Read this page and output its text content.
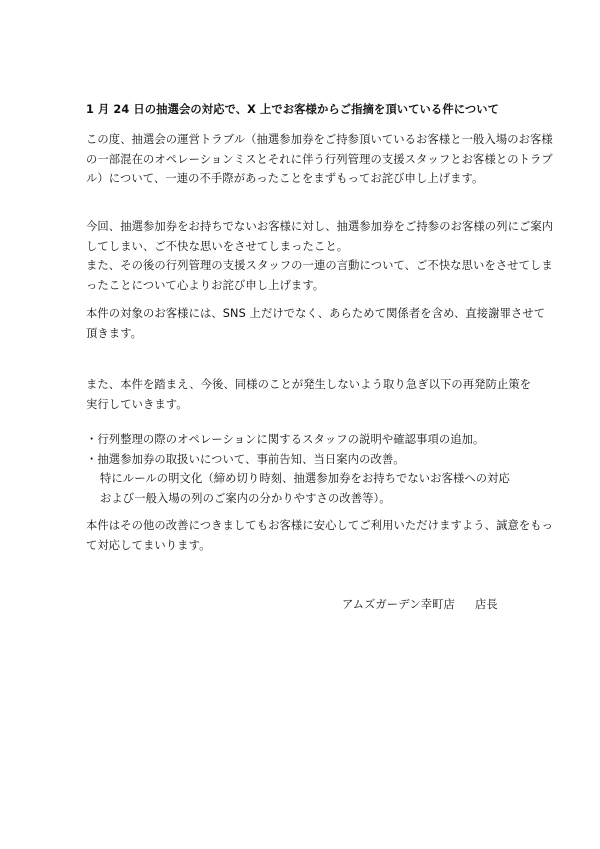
1 月 24 日の抽選会の対応で、X 上でお客様からご指摘を頂いている件について

この度、抽選会の運営トラブル（抽選参加券をご持参頂いているお客様と一般入場のお客様

の一部混在のオペレーションミスとそれに伴う行列管理の支援スタッフとお客様とのトラブ

ル）について、一連の不手際があったことをまずもってお詫び申し上げます。

今回、抽選参加券をお持ちでないお客様に対し、抽選参加券をご持参のお客様の列にご案内

してしまい、ご不快な思いをさせてしまったこと。

また、その後の行列管理の支援スタッフの一連の言動について、ご不快な思いをさせてしま

ったことについて心よりお詫び申し上げます。

本件の対象のお客様には、SNS 上だけでなく、あらためて関係者を含め、直接謝罪させて

頂きます。

また、本件を踏まえ、今後、同様のことが発生しないよう取り急ぎ以下の再発防止策を

実行していきます。

・行列整理の際のオペレーションに関するスタッフの説明や確認事項の追加。

・抽選参加券の取扱いについて、事前告知、当日案内の改善。

特にルールの明文化（締め切り時刻、抽選参加券をお持ちでないお客様への対応

および一般入場の列のご案内の分かりやすさの改善等）。

本件はその他の改善につきましてもお客様に安心してご利用いただけますよう、誠意をもっ

て対応してまいります。

アムズガーデン幸町店 店長
